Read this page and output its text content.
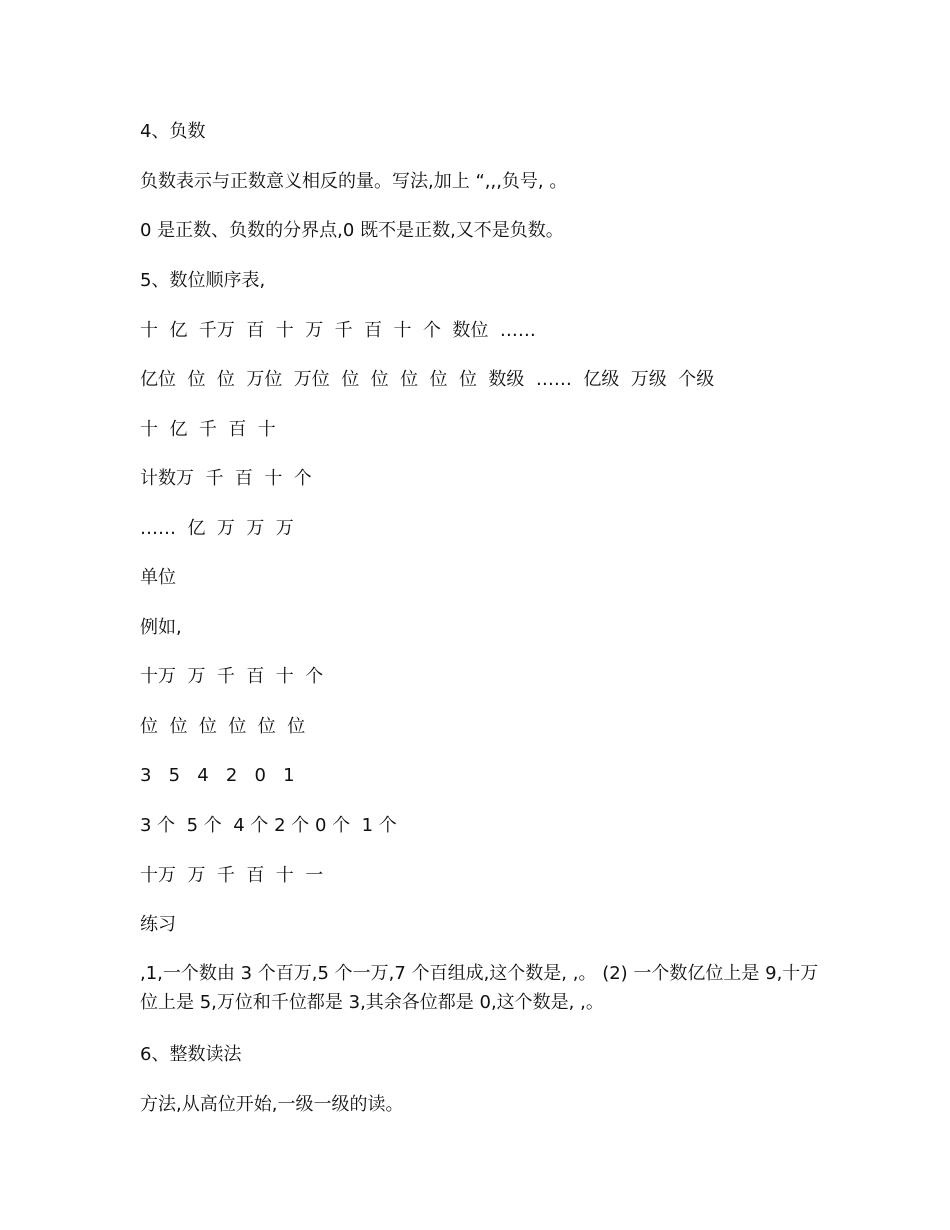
4、负数
负数表示与正数意义相反的量。写法,加上 “,,,负号, 。
0 是正数、负数的分界点,0 既不是正数,又不是负数。
5、数位顺序表,
十  亿  千万  百  十  万  千  百  十  个  数位  ……
亿位  位  位  万位  万位  位  位  位  位  位  数级  ……  亿级  万级  个级
十  亿  千  百  十
计数万  千  百  十  个
……  亿  万  万  万
单位
例如,
十万  万  千  百  十  个
位  位  位  位  位  位
3   5   4   2   0   1
3 个  5 个  4 个 2 个 0 个  1 个
十万  万  千  百  十  一
练习
,1,一个数由 3 个百万,5 个一万,7 个百组成,这个数是, ,。 (2) 一个数亿位上是 9,十万位上是 5,万位和千位都是 3,其余各位都是 0,这个数是, ,。
6、整数读法
方法,从高位开始,一级一级的读。
